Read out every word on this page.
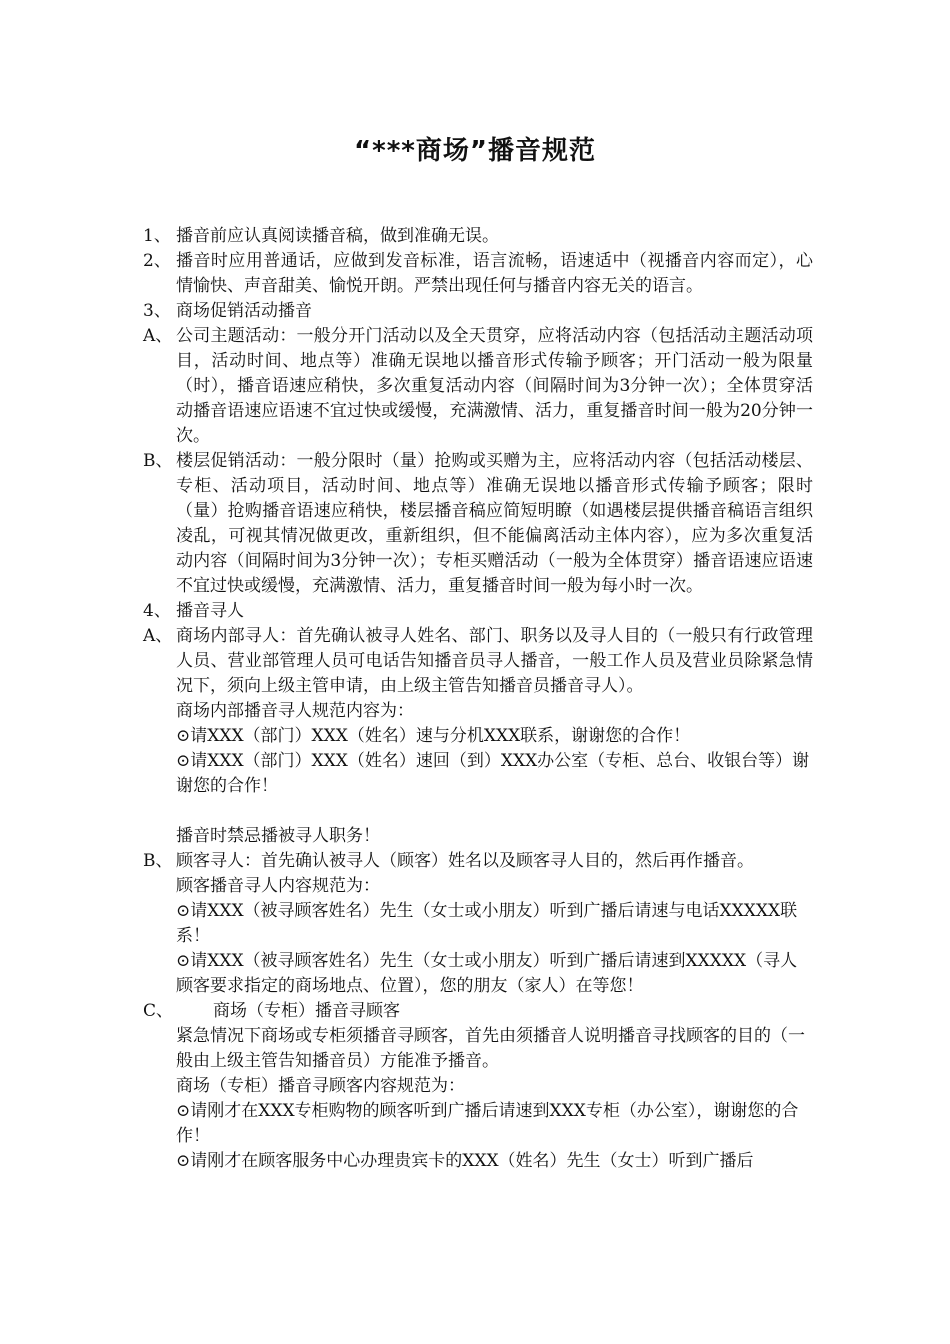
“***商场”播音规范

1、 播音前应认真阅读播音稿，做到准确无误。

2、 播音时应用普通话，应做到发音标准，语言流畅，语速适中（视播音内容而定），心情愉快、声音甜美、愉悦开朗。严禁出现任何与播音内容无关的语言。

3、 商场促销活动播音

A、 公司主题活动：一般分开门活动以及全天贯穿，应将活动内容（包括活动主题活动项目，活动时间、地点等）准确无误地以播音形式传输予顾客；开门活动一般为限量（时），播音语速应稍快，多次重复活动内容（间隔时间为3分钟一次）；全体贯穿活动播音语速应语速不宜过快或缓慢，充满激情、活力，重复播音时间一般为20分钟一次。

B、 楼层促销活动：一般分限时（量）抢购或买赠为主，应将活动内容（包括活动楼层、专柜、活动项目，活动时间、地点等）准确无误地以播音形式传输予顾客；限时（量）抢购播音语速应稍快，楼层播音稿应简短明瞭（如遇楼层提供播音稿语言组织凌乱，可视其情况做更改，重新组织，但不能偏离活动主体内容），应为多次重复活动内容（间隔时间为3分钟一次）；专柜买赠活动（一般为全体贯穿）播音语速应语速不宜过快或缓慢，充满激情、活力，重复播音时间一般为每小时一次。

4、 播音寻人

A、 商场内部寻人：首先确认被寻人姓名、部门、职务以及寻人目的（一般只有行政管理人员、营业部管理人员可电话告知播音员寻人播音，一般工作人员及营业员除紧急情况下，须向上级主管申请，由上级主管告知播音员播音寻人）。

商场内部播音寻人规范内容为：

⊙请XXX（部门）XXX（姓名）速与分机XXX联系，谢谢您的合作！

⊙请XXX（部门）XXX（姓名）速回（到）XXX办公室（专柜、总台、收银台等）谢谢您的合作！

播音时禁忌播被寻人职务！

B、 顾客寻人：首先确认被寻人（顾客）姓名以及顾客寻人目的，然后再作播音。

顾客播音寻人内容规范为：

⊙请XXX（被寻顾客姓名）先生（女士或小朋友）听到广播后请速与电话XXXXX联系！

⊙请XXX（被寻顾客姓名）先生（女士或小朋友）听到广播后请速到XXXXX（寻人顾客要求指定的商场地点、位置），您的朋友（家人）在等您！

C、 商场（专柜）播音寻顾客

紧急情况下商场或专柜须播音寻顾客，首先由须播音人说明播音寻找顾客的目的（一般由上级主管告知播音员）方能准予播音。

商场（专柜）播音寻顾客内容规范为：

⊙请刚才在XXX专柜购物的顾客听到广播后请速到XXX专柜（办公室），谢谢您的合作！

⊙请刚才在顾客服务中心办理贵宾卡的XXX（姓名）先生（女士）听到广播后
